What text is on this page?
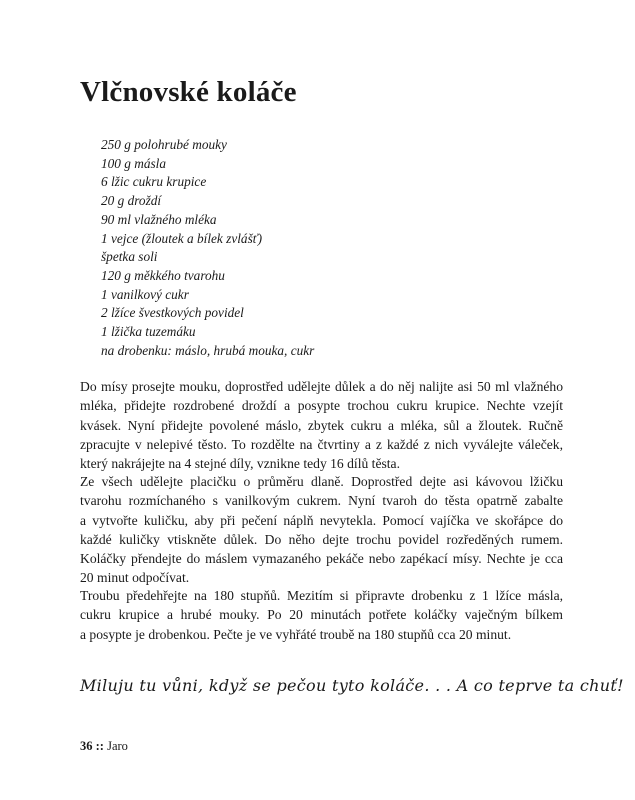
Vlčnovské koláče
250 g polohrubé mouky
100 g másla
6 lžic cukru krupice
20 g droždí
90 ml vlažného mléka
1 vejce (žloutek a bílek zvlášť)
špetka soli
120 g měkkého tvarohu
1 vanilkový cukr
2 lžíce švestkových povidel
1 lžička tuzemáku
na drobenku: máslo, hrubá mouka, cukr
Do mísy prosejte mouku, doprostřed udělejte důlek a do něj nalijte asi 50 ml vlažného
mléka, přidejte rozdrobené droždí a posypte trochou cukru krupice. Nechte vzejít
kvásek. Nyní přidejte povolené máslo, zbytek cukru a mléka, sůl a žloutek. Ručně
zpracujte v nelepivé těsto. To rozdělte na čtvrtiny a z každé z nich vyválejte váleček,
který nakrájejte na 4 stejné díly, vznikne tedy 16 dílů těsta.
Ze všech udělejte placičku o průměru dlaně. Doprostřed dejte asi kávovou lžičku
tvarohu rozmíchaného s vanilkovým cukrem. Nyní tvaroh do těsta opatrně zabalte
a vytvořte kuličku, aby při pečení náplň nevytekla. Pomocí vajíčka ve skořápce do
každé kuličky vtiskněte důlek. Do něho dejte trochu povidel rozředěných rumem.
Koláčky přendejte do máslem vymazaného pekáče nebo zapékací mísy. Nechte je cca
20 minut odpočívat.
Troubu předehřejte na 180 stupňů. Mezitím si připravte drobenku z 1 lžíce másla,
cukru krupice a hrubé mouky. Po 20 minutách potřete koláčky vaječným bílkem
a posypte je drobenkou. Pečte je ve vyhřáté troubě na 180 stupňů cca 20 minut.
Miluju tu vůni, když se pečou tyto koláče. . . A co teprve ta chuť!
36 :: Jaro
